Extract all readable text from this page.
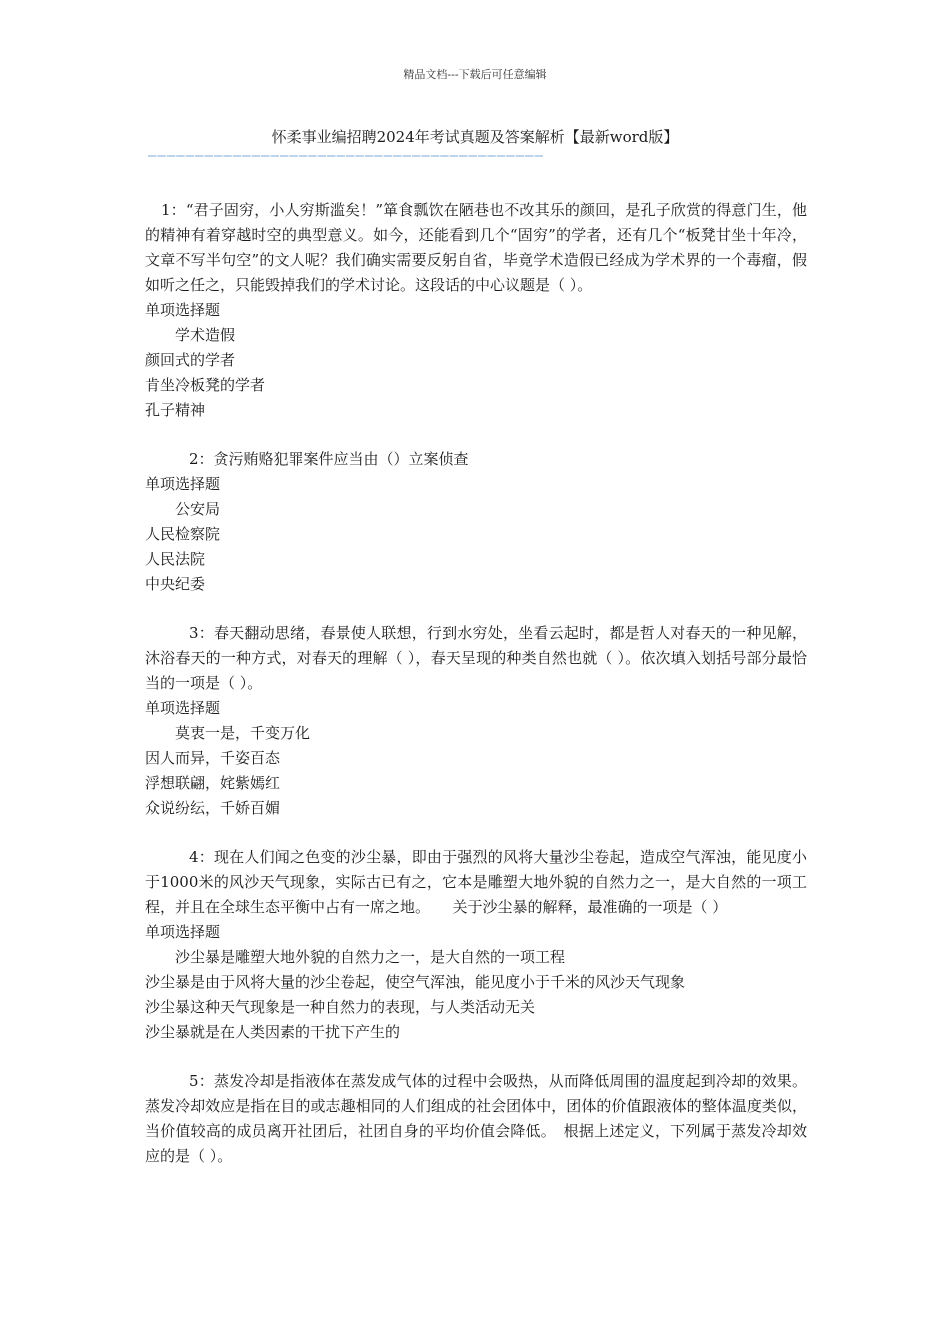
精品文档---下载后可任意编辑
怀柔事业编招聘2024年考试真题及答案解析【最新word版】
——————————————————————————————————————————
1：“君子固穷，小人穷斯滥矣！”箪食瓢饮在陋巷也不改其乐的颜回，是孔子欣赏的得意门生，他的精神有着穿越时空的典型意义。如今，还能看到几个“固穷”的学者，还有几个“板凳甘坐十年冷，文章不写半句空”的文人呢？我们确实需要反躬自省，毕竟学术造假已经成为学术界的一个毒瘤，假如听之任之，只能毁掉我们的学术讨论。这段话的中心议题是（ ）。
单项选择题
学术造假
颜回式的学者
肯坐冷板凳的学者
孔子精神
2：贪污贿赂犯罪案件应当由（）立案侦查
单项选择题
公安局
人民检察院
人民法院
中央纪委
3：春天翻动思绪，春景使人联想，行到水穷处，坐看云起时，都是哲人对春天的一种见解，沐浴春天的一种方式，对春天的理解（ ），春天呈现的种类自然也就（ ）。依次填入划括号部分最恰当的一项是（ ）。
单项选择题
莫衷一是，千变万化
因人而异，千姿百态
浮想联翩，姹紫嫣红
众说纷纭，千娇百媚
4：现在人们闻之色变的沙尘暴，即由于强烈的风将大量沙尘卷起，造成空气浑浊，能见度小于1000米的风沙天气现象，实际古已有之，它本是雕塑大地外貌的自然力之一，是大自然的一项工程，并且在全球生态平衡中占有一席之地。　　关于沙尘暴的解释，最准确的一项是（ ）
单项选择题
沙尘暴是雕塑大地外貌的自然力之一，是大自然的一项工程
沙尘暴是由于风将大量的沙尘卷起，使空气浑浊，能见度小于千米的风沙天气现象
沙尘暴这种天气现象是一种自然力的表现，与人类活动无关
沙尘暴就是在人类因素的干扰下产生的
5：蒸发冷却是指液体在蒸发成气体的过程中会吸热，从而降低周围的温度起到冷却的效果。蒸发冷却效应是指在目的或志趣相同的人们组成的社会团体中，团体的价值跟液体的整体温度类似，当价值较高的成员离开社团后，社团自身的平均价值会降低。　根据上述定义，下列属于蒸发冷却效应的是（ ）。
